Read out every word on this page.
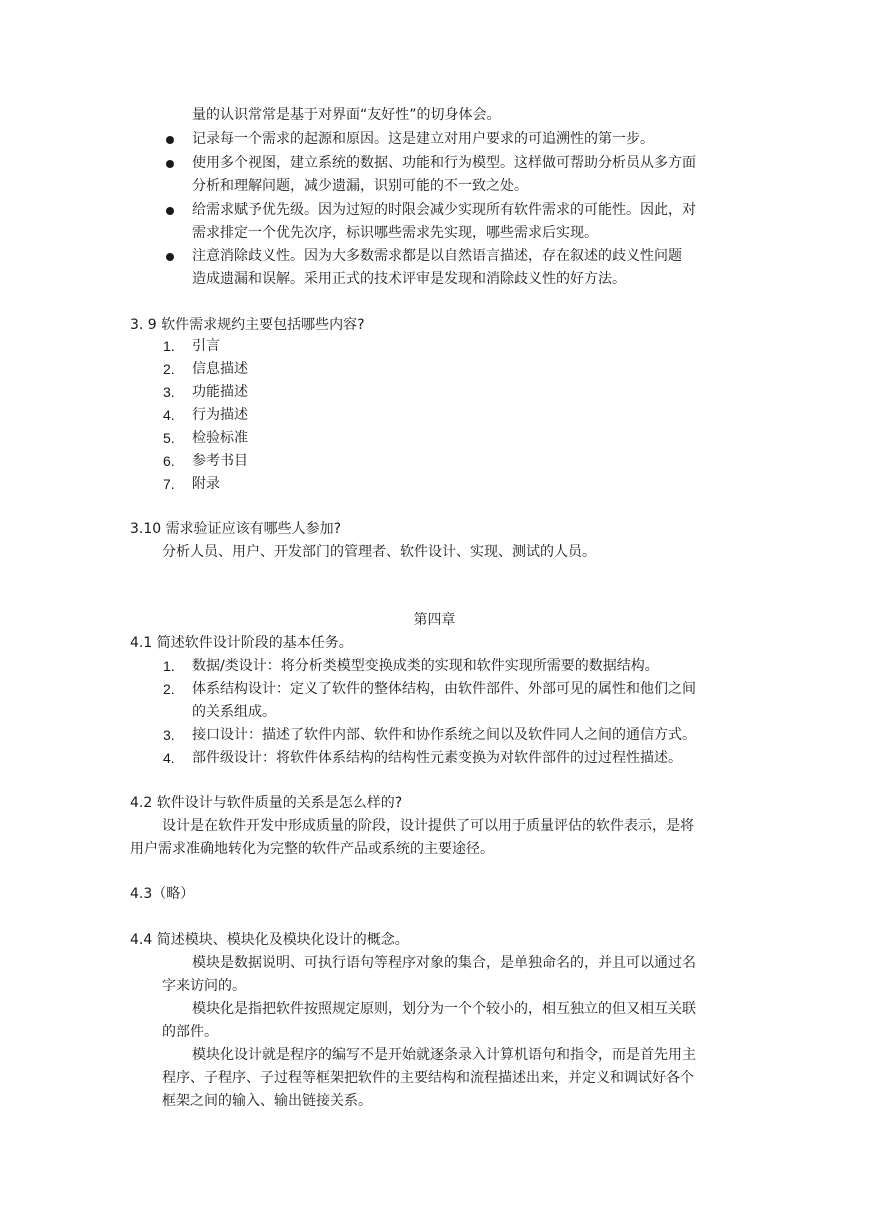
量的认识常常是基于对界面“友好性”的切身体会。
记录每一个需求的起源和原因。这是建立对用户要求的可追溯性的第一步。
使用多个视图，建立系统的数据、功能和行为模型。这样做可帮助分析员从多方面
分析和理解问题，减少遗漏，识别可能的不一致之处。
给需求赋予优先级。因为过短的时限会减少实现所有软件需求的可能性。因此，对
需求排定一个优先次序，标识哪些需求先实现，哪些需求后实现。
注意消除歧义性。因为大多数需求都是以自然语言描述，存在叙述的歧义性问题
造成遗漏和误解。采用正式的技术评审是发现和消除歧义性的好方法。
3. 9 软件需求规约主要包括哪些内容?
1. 引言
2. 信息描述
3. 功能描述
4. 行为描述
5. 检验标准
6. 参考书目
7. 附录
3.10 需求验证应该有哪些人参加?
分析人员、用户、开发部门的管理者、软件设计、实现、测试的人员。
第四章
4.1 简述软件设计阶段的基本任务。
1. 数据/类设计：将分析类模型变换成类的实现和软件实现所需要的数据结构。
2. 体系结构设计：定义了软件的整体结构，由软件部件、外部可见的属性和他们之间
的关系组成。
3. 接口设计：描述了软件内部、软件和协作系统之间以及软件同人之间的通信方式。
4. 部件级设计：将软件体系结构的结构性元素变换为对软件部件的过过程性描述。
4.2 软件设计与软件质量的关系是怎么样的?
设计是在软件开发中形成质量的阶段，设计提供了可以用于质量评估的软件表示，是将
用户需求准确地转化为完整的软件产品或系统的主要途径。
4.3（略）
4.4 简述模块、模块化及模块化设计的概念。
模块是数据说明、可执行语句等程序对象的集合，是单独命名的，并且可以通过名
字来访问的。
模块化是指把软件按照规定原则，划分为一个个较小的，相互独立的但又相互关联
的部件。
模块化设计就是程序的编写不是开始就逐条录入计算机语句和指令，而是首先用主
程序、子程序、子过程等框架把软件的主要结构和流程描述出来，并定义和调试好各个
框架之间的输入、输出链接关系。
